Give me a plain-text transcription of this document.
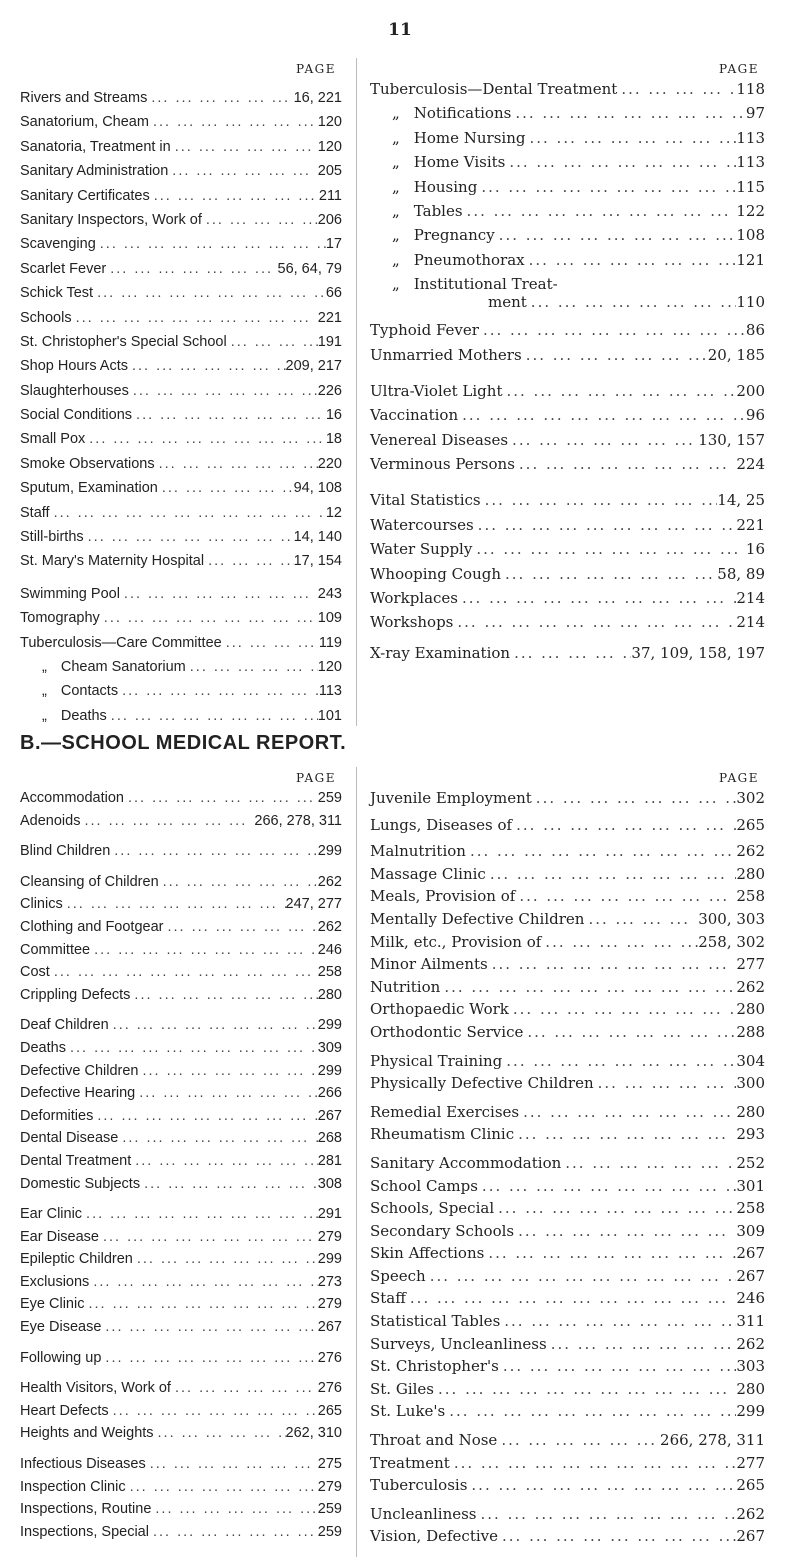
11
PAGE
Rivers and Streams ... .	16, 221
Sanatorium, Cheam ... .	120
Sanatoria, Treatment in ... .	120
Sanitary Administration ... .	205
Sanitary Certificates ... .	211
Sanitary Inspectors, Work of ... .	206
Scavenging ... .	17
Scarlet Fever ... .	56, 64, 79
Schick Test ... .	66
Schools ... .	221
St. Christopher's Special School ... .	191
Shop Hours Acts ... .	209, 217
Slaughterhouses ... .	226
Social Conditions ... .	16
Small Pox ... .	18
Smoke Observations ... .	220
Sputum, Examination ... .	94, 108
Staff ... .	12
Still-births ... .	14, 140
St. Mary's Maternity Hospital ... .	17, 154
Swimming Pool ... .	243
Tomography ... .	109
Tuberculosis—Care Committee ... .	119
„ Cheam Sanatorium ... .	120
„ Contacts ... .	113
„ Deaths ... .	101
PAGE
Tuberculosis—Dental Treatment ... .	118
„ Notifications ... .	97
„ Home Nursing ... .	113
„ Home Visits ... .	113
„ Housing ... .	115
„ Tables ... .	122
„ Pregnancy ... .	108
„ Pneumothorax ... .	121
„ Institutional Treat-
ment ... .	110
Typhoid Fever ... .	86
Unmarried Mothers ... .	20, 185
Ultra-Violet Light ... .	200
Vaccination ... .	96
Venereal Diseases ... .	130, 157
Verminous Persons ... .	224
Vital Statistics ... .	14, 25
Watercourses ... .	221
Water Supply ... .	16
Whooping Cough ... .	58, 89
Workplaces ... .	214
Workshops ... .	214
X-ray Examination ... .	37, 109, 158, 197
B.—SCHOOL MEDICAL REPORT.
PAGE
Accommodation ... .	259
Adenoids ... .	266, 278, 311
Blind Children ... .	299
Cleansing of Children ... .	262
Clinics ... .	247, 277
Clothing and Footgear ... .	262
Committee ... .	246
Cost ... .	258
Crippling Defects ... .	280
Deaf Children ... .	299
Deaths ... .	309
Defective Children ... .	299
Defective Hearing ... .	266
Deformities ... .	267
Dental Disease ... .	268
Dental Treatment ... .	281
Domestic Subjects ... .	308
Ear Clinic ... .	291
Ear Disease ... .	279
Epileptic Children ... .	299
Exclusions ... .	273
Eye Clinic ... .	279
Eye Disease ... .	267
Following up ... .	276
Health Visitors, Work of ... .	276
Heart Defects ... .	265
Heights and Weights ... .	262, 310
Infectious Diseases ... .	275
Inspection Clinic ... .	279
Inspections, Routine ... .	259
Inspections, Special ... .	259
PAGE
Juvenile Employment ... .	302
Lungs, Diseases of ... .	265
Malnutrition ... .	262
Massage Clinic ... .	280
Meals, Provision of ... .	258
Mentally Defective Children ... .	300, 303
Milk, etc., Provision of ... .	258, 302
Minor Ailments ... .	277
Nutrition ... .	262
Orthopaedic Work ... .	280
Orthodontic Service ... .	288
Physical Training ... .	304
Physically Defective Children ... .	300
Remedial Exercises ... .	280
Rheumatism Clinic ... .	293
Sanitary Accommodation ... .	252
School Camps ... .	301
Schools, Special ... .	258
Secondary Schools ... .	309
Skin Affections ... .	267
Speech ... .	267
Staff ... .	246
Statistical Tables ... .	311
Surveys, Uncleanliness ... .	262
St. Christopher's ... .	303
St. Giles ... .	280
St. Luke's ... .	299
Throat and Nose ... .	266, 278, 311
Treatment ... .	277
Tuberculosis ... .	265
Uncleanliness ... .	262
Vision, Defective ... .	267
